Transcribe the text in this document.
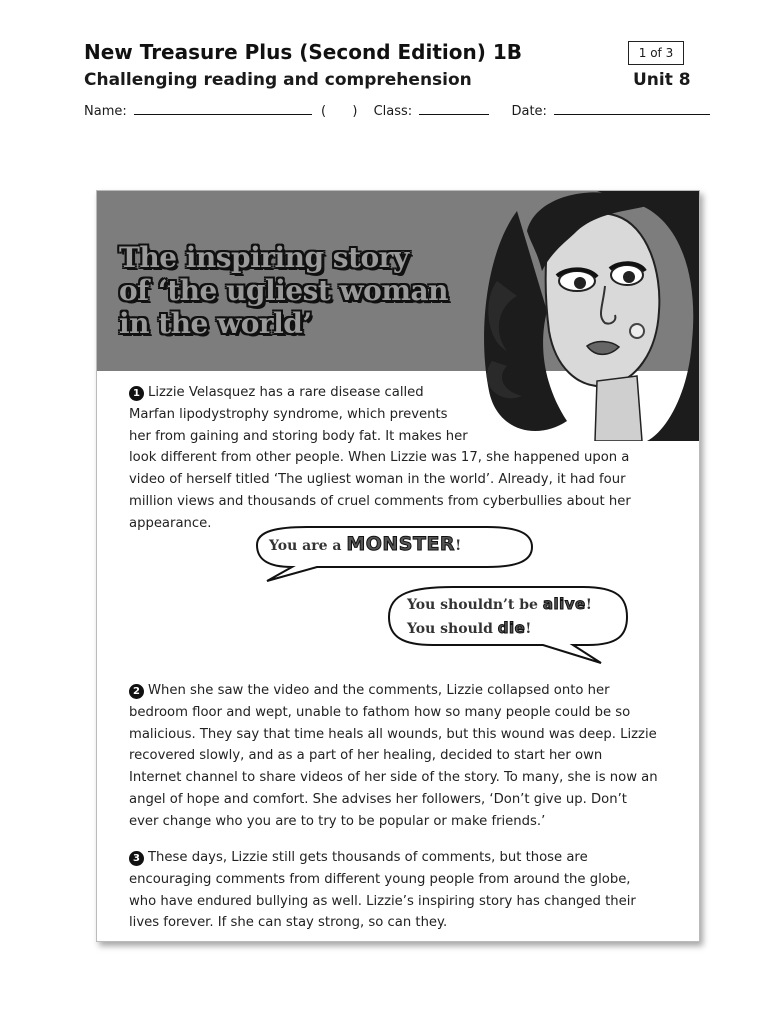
New Treasure Plus (Second Edition) 1B	1 of 3
Challenging reading and comprehension	Unit 8
Name:	( ) Class:	Date:
The inspiring story
of ‘the ugliest woman
in the world’
1 Lizzie Velasquez has a rare disease called
Marfan lipodystrophy syndrome, which prevents
her from gaining and storing body fat. It makes her
look different from other people. When Lizzie was 17, she happened upon a
video of herself titled ‘The ugliest woman in the world’. Already, it had four
million views and thousands of cruel comments from cyberbullies about her
appearance.
You are a MONSTER!
You shouldn’t be alive!
You should die!
2 When she saw the video and the comments, Lizzie collapsed onto her
bedroom floor and wept, unable to fathom how so many people could be so
malicious. They say that time heals all wounds, but this wound was deep. Lizzie
recovered slowly, and as a part of her healing, decided to start her own
Internet channel to share videos of her side of the story. To many, she is now an
angel of hope and comfort. She advises her followers, ‘Don’t give up. Don’t
ever change who you are to try to be popular or make friends.’
3 These days, Lizzie still gets thousands of comments, but those are
encouraging comments from different young people from around the globe,
who have endured bullying as well. Lizzie’s inspiring story has changed their
lives forever. If she can stay strong, so can they.
